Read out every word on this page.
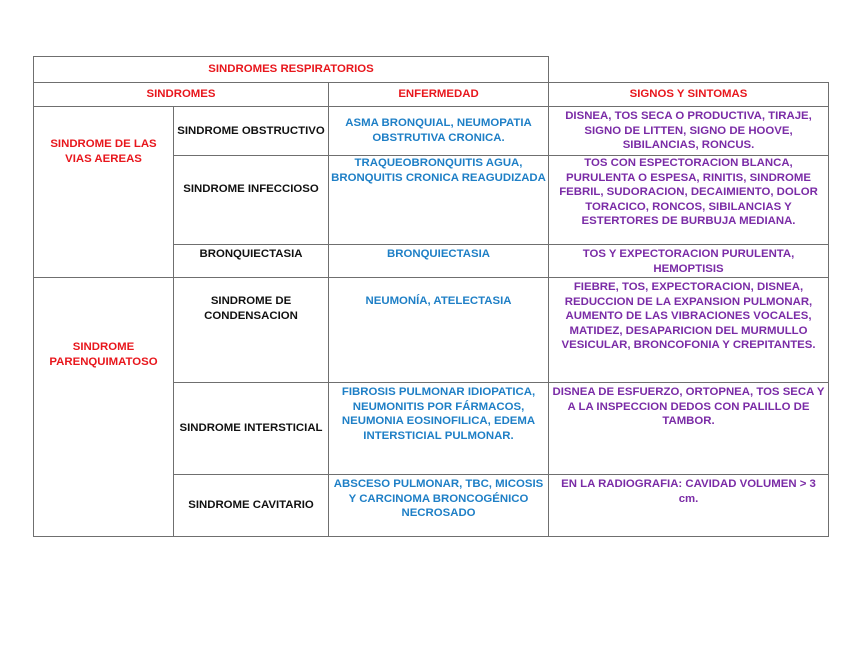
SINDROMES RESPIRATORIOS			
SINDROMES		ENFERMEDAD	SIGNOS Y SINTOMAS
SINDROME DE LAS VIAS AEREAS	SINDROME OBSTRUCTIVO	ASMA BRONQUIAL, NEUMOPATIA OBSTRUTIVA CRONICA.	DISNEA, TOS SECA O PRODUCTIVA, TIRAJE, SIGNO DE LITTEN, SIGNO DE HOOVE, SIBILANCIAS, RONCUS.
	SINDROME INFECCIOSO	TRAQUEOBRONQUITIS AGUA, BRONQUITIS CRONICA REAGUDIZADA	TOS CON ESPECTORACION BLANCA, PURULENTA O ESPESA, RINITIS, SINDROME FEBRIL, SUDORACION, DECAIMIENTO, DOLOR TORACICO, RONCOS, SIBILANCIAS Y ESTERTORES DE BURBUJA MEDIANA.
	BRONQUIECTASIA	BRONQUIECTASIA	TOS Y EXPECTORACION PURULENTA, HEMOPTISIS
SINDROME PARENQUIMATOSO	SINDROME DE CONDENSACION	NEUMONÍA, ATELECTASIA	FIEBRE, TOS, EXPECTORACION, DISNEA, REDUCCION DE LA EXPANSION PULMONAR, AUMENTO DE LAS VIBRACIONES VOCALES, MATIDEZ, DESAPARICION DEL MURMULLO VESICULAR, BRONCOFONIA Y CREPITANTES.
	SINDROME INTERSTICIAL	FIBROSIS PULMONAR IDIOPATICA, NEUMONITIS POR FÁRMACOS, NEUMONIA EOSINOFILICA, EDEMA INTERSTICIAL PULMONAR.	DISNEA DE ESFUERZO, ORTOPNEA, TOS SECA Y A LA INSPECCION DEDOS CON PALILLO DE TAMBOR.
	SINDROME CAVITARIO	ABSCESO PULMONAR, TBC, MICOSIS Y CARCINOMA BRONCOGÉNICO NECROSADO	EN LA RADIOGRAFIA: CAVIDAD VOLUMEN > 3 cm.
